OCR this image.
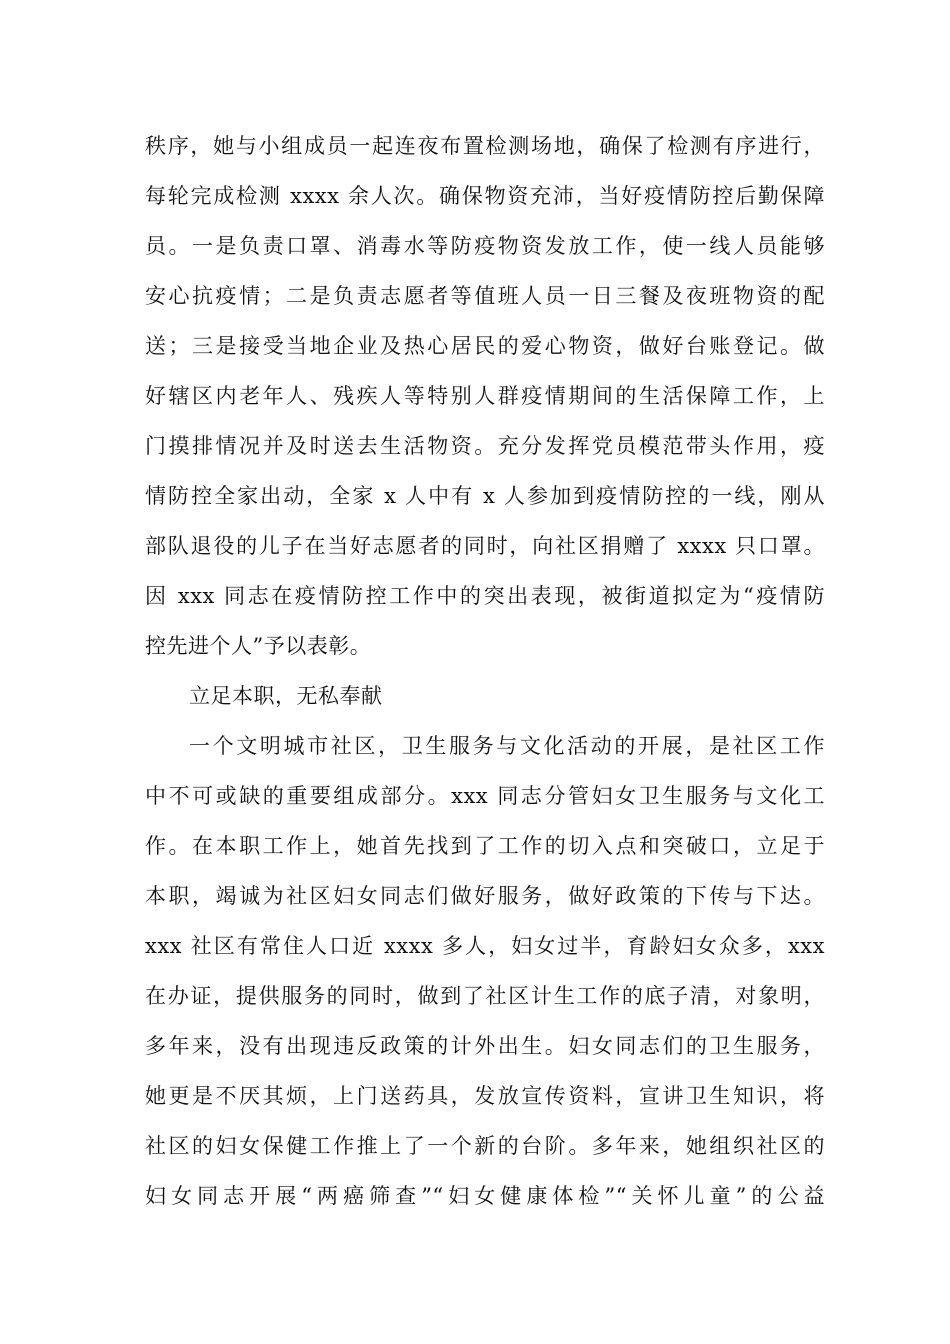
秩序，她与小组成员一起连夜布置检测场地，确保了检测有序进行，
每轮完成检测 xxxx 余人次。确保物资充沛，当好疫情防控后勤保障
员。一是负责口罩、消毒水等防疫物资发放工作，使一线人员能够
安心抗疫情；二是负责志愿者等值班人员一日三餐及夜班物资的配
送；三是接受当地企业及热心居民的爱心物资，做好台账登记。做
好辖区内老年人、残疾人等特别人群疫情期间的生活保障工作，上
门摸排情况并及时送去生活物资。充分发挥党员模范带头作用，疫
情防控全家出动，全家 x 人中有 x 人参加到疫情防控的一线，刚从
部队退役的儿子在当好志愿者的同时，向社区捐赠了 xxxx 只口罩。
因 xxx 同志在疫情防控工作中的突出表现，被街道拟定为“疫情防
控先进个人”予以表彰。
立足本职，无私奉献
一个文明城市社区，卫生服务与文化活动的开展，是社区工作
中不可或缺的重要组成部分。xxx 同志分管妇女卫生服务与文化工
作。在本职工作上，她首先找到了工作的切入点和突破口，立足于
本职，竭诚为社区妇女同志们做好服务，做好政策的下传与下达。
xxx 社区有常住人口近 xxxx 多人，妇女过半，育龄妇女众多，xxx
在办证，提供服务的同时，做到了社区计生工作的底子清，对象明，
多年来，没有出现违反政策的计外出生。妇女同志们的卫生服务，
她更是不厌其烦，上门送药具，发放宣传资料，宣讲卫生知识，将
社区的妇女保健工作推上了一个新的台阶。多年来，她组织社区的
妇女同志开展“两癌筛查”“妇女健康体检”“关怀儿童”的公益
